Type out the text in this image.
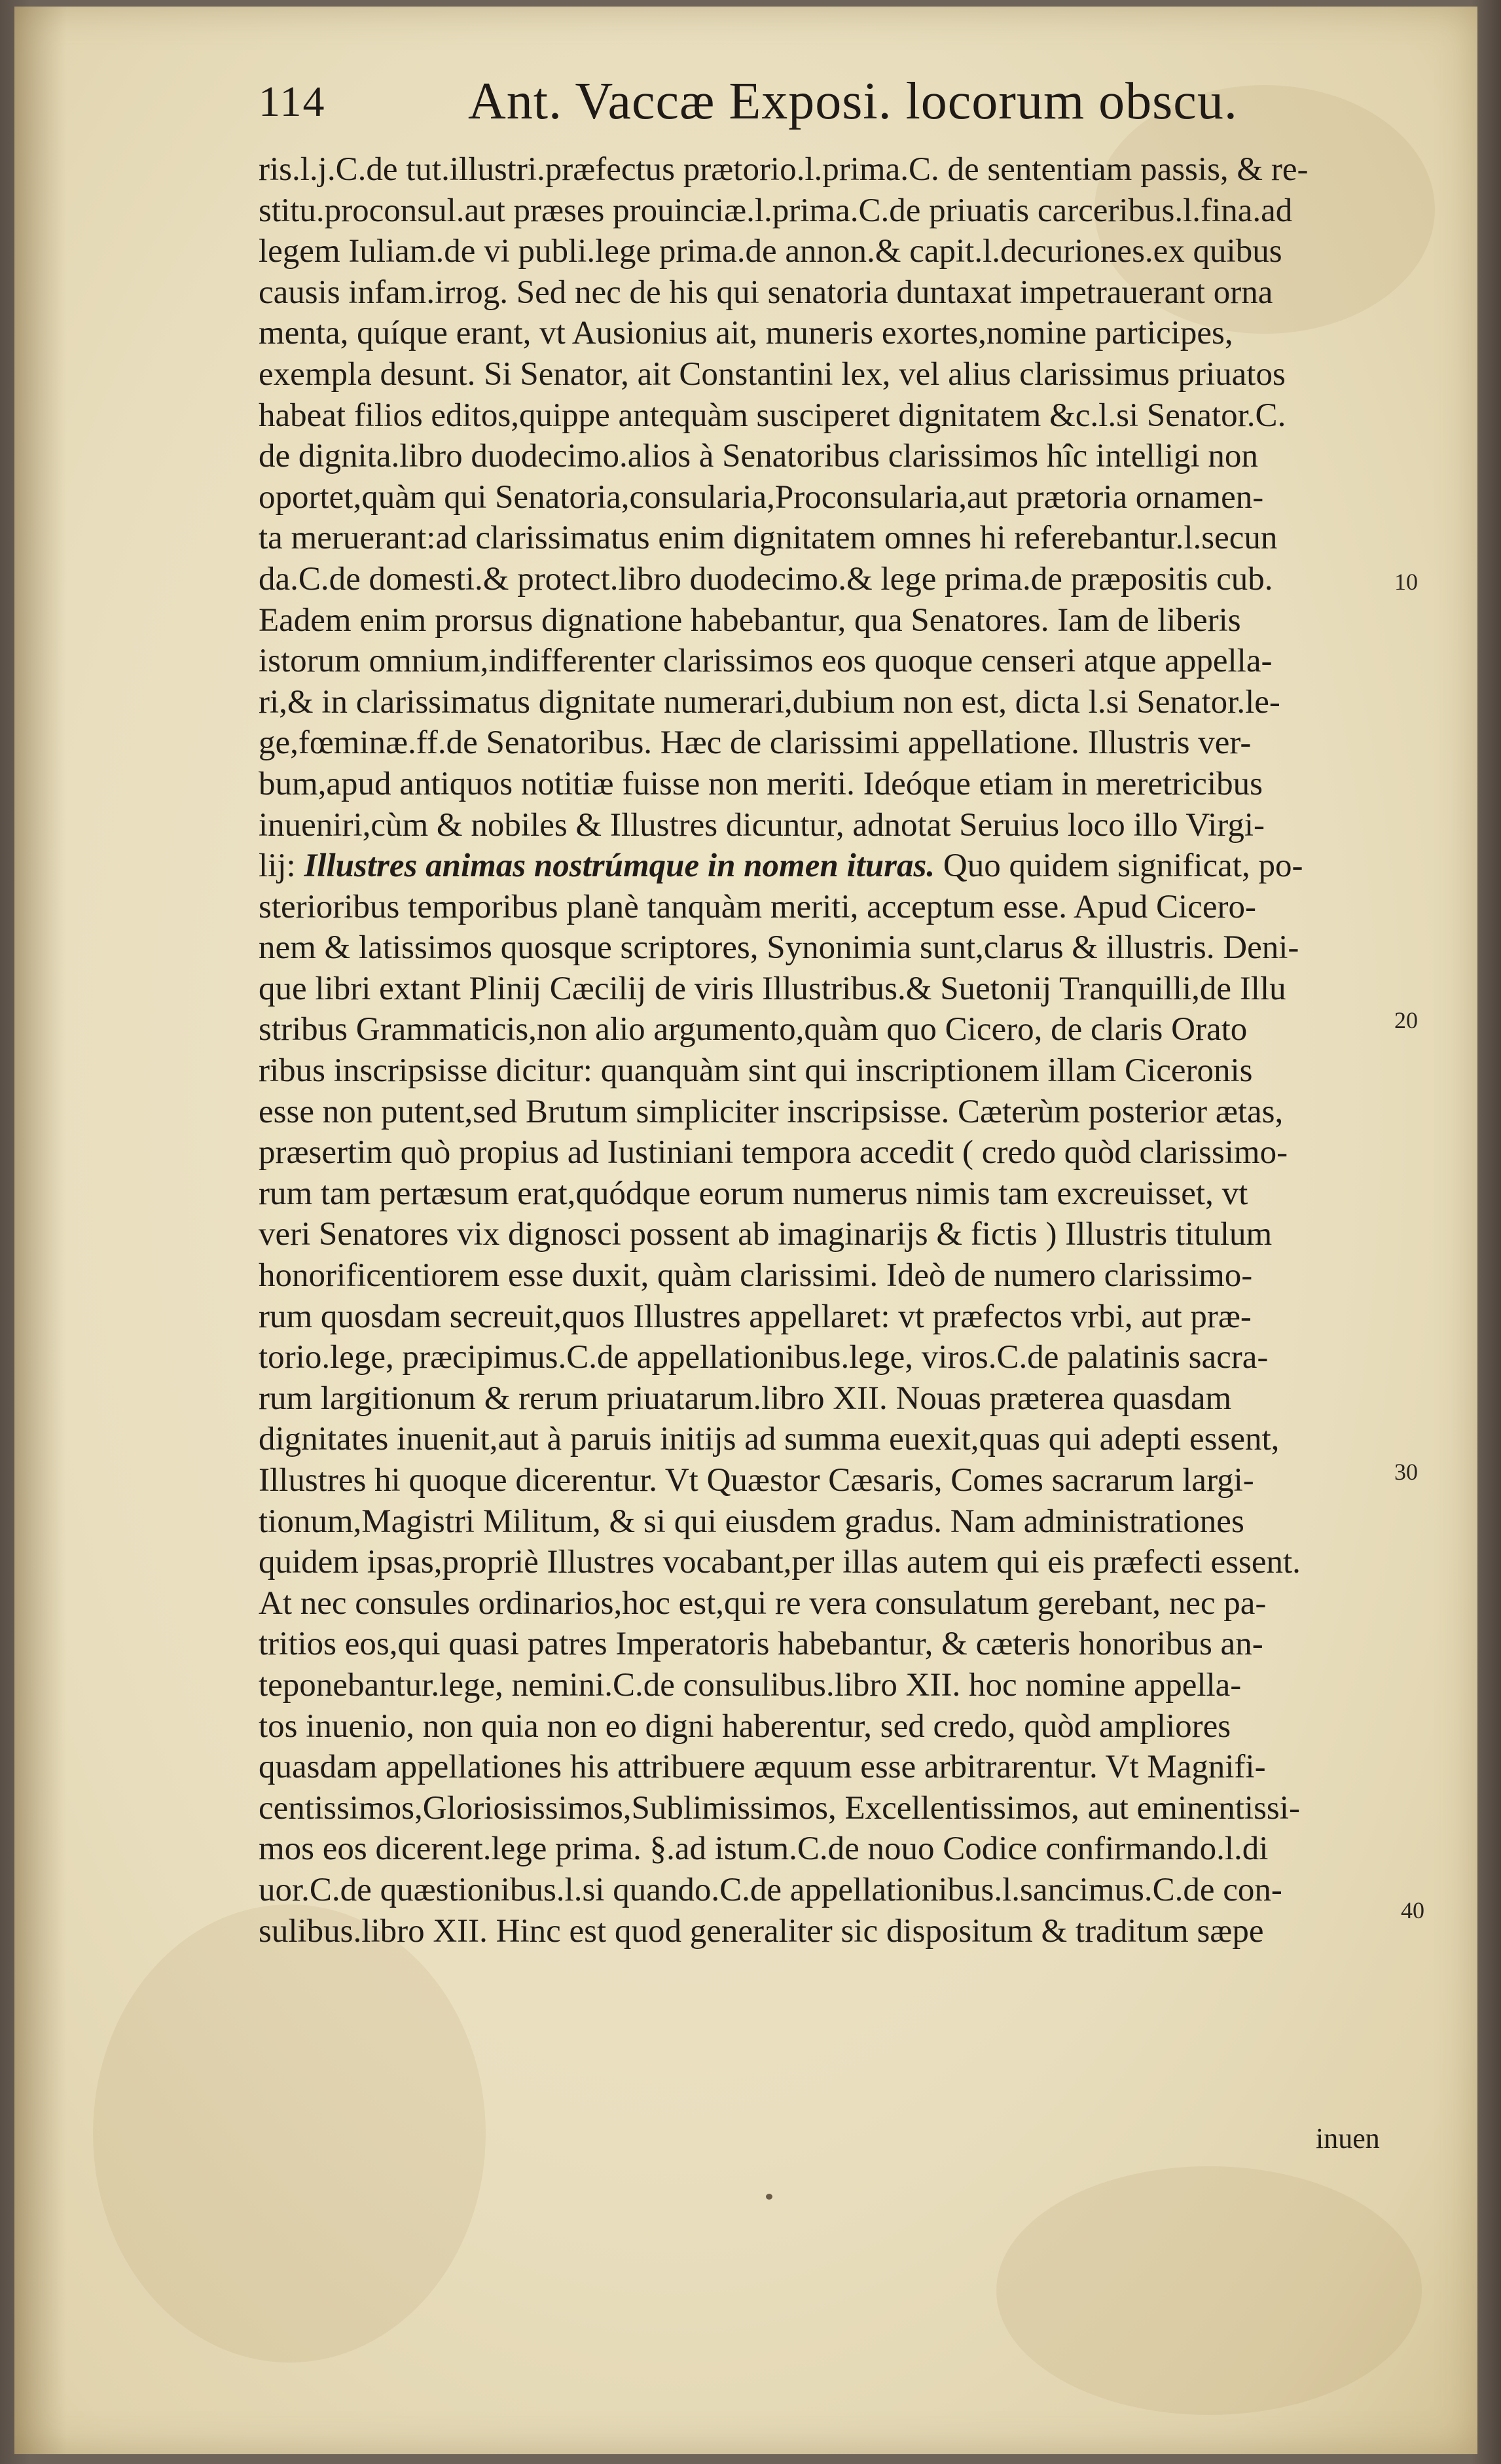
114	Ant. Vaccæ Exposi. locorum obscu.
ris.l.j.C.de tut.illustri.præfectus prætorio.l.prima.C. de sententiam passis, & re-
stitu.proconsul.aut præses prouinciæ.l.prima.C.de priuatis carceribus.l.fina.ad
legem Iuliam.de vi publi.lege prima.de annon.& capit.l.decuriones.ex quibus
causis infam.irrog. Sed nec de his qui senatoria duntaxat impetrauerant orna
menta, quíque erant, vt Ausionius ait, muneris exortes,nomine participes,
exempla desunt. Si Senator, ait Constantini lex, vel alius clarissimus priuatos
habeat filios editos,quippe antequàm susciperet dignitatem &c.l.si Senator.C.
de dignita.libro duodecimo.alios à Senatoribus clarissimos hîc intelligi non
oportet,quàm qui Senatoria,consularia,Proconsularia,aut prætoria ornamen-
ta meruerant:ad clarissimatus enim dignitatem omnes hi referebantur.l.secun
da.C.de domesti.& protect.libro duodecimo.& lege prima.de præpositis cub.
Eadem enim prorsus dignatione habebantur, qua Senatores. Iam de liberis
istorum omnium,indifferenter clarissimos eos quoque censeri atque appella-
ri,& in clarissimatus dignitate numerari,dubium non est, dicta l.si Senator.le-
ge,fœminæ.ff.de Senatoribus. Hæc de clarissimi appellatione. Illustris ver-
bum,apud antiquos notitiæ fuisse non meriti. Ideóque etiam in meretricibus
inueniri,cùm & nobiles & Illustres dicuntur, adnotat Seruius loco illo Virgi-
lij: Illustres animas nostrúmque in nomen ituras. Quo quidem significat, po-
sterioribus temporibus planè tanquàm meriti, acceptum esse. Apud Cicero-
nem & latissimos quosque scriptores, Synonimia sunt,clarus & illustris. Deni-
que libri extant Plinij Cæcilij de viris Illustribus.& Suetonij Tranquilli,de Illu
stribus Grammaticis,non alio argumento,quàm quo Cicero, de claris Orato
ribus inscripsisse dicitur: quanquàm sint qui inscriptionem illam Ciceronis
esse non putent,sed Brutum simpliciter inscripsisse. Cæterùm posterior ætas,
præsertim quò propius ad Iustiniani tempora accedit ( credo quòd clarissimo-
rum tam pertæsum erat,quódque eorum numerus nimis tam excreuisset, vt
veri Senatores vix dignosci possent ab imaginarijs & fictis ) Illustris titulum
honorificentiorem esse duxit, quàm clarissimi. Ideò de numero clarissimo-
rum quosdam secreuit,quos Illustres appellaret: vt præfectos vrbi, aut præ-
torio.lege, præcipimus.C.de appellationibus.lege, viros.C.de palatinis sacra-
rum largitionum & rerum priuatarum.libro XII. Nouas præterea quasdam
dignitates inuenit,aut à paruis initijs ad summa euexit,quas qui adepti essent,
Illustres hi quoque dicerentur. Vt Quæstor Cæsaris, Comes sacrarum largi-
tionum,Magistri Militum, & si qui eiusdem gradus. Nam administrationes
quidem ipsas,propriè Illustres vocabant,per illas autem qui eis præfecti essent.
At nec consules ordinarios,hoc est,qui re vera consulatum gerebant, nec pa-
tritios eos,qui quasi patres Imperatoris habebantur, & cæteris honoribus an-
teponebantur.lege, nemini.C.de consulibus.libro XII. hoc nomine appella-
tos inuenio, non quia non eo digni haberentur, sed credo, quòd ampliores
quasdam appellationes his attribuere æquum esse arbitrarentur. Vt Magnifi-
centissimos,Gloriosissimos,Sublimissimos, Excellentissimos, aut eminentissi-
mos eos dicerent.lege prima. §.ad istum.C.de nouo Codice confirmando.l.di
uor.C.de quæstionibus.l.si quando.C.de appellationibus.l.sancimus.C.de con-
sulibus.libro XII. Hinc est quod generaliter sic dispositum & traditum sæpe
10
20
30
40
inuen
